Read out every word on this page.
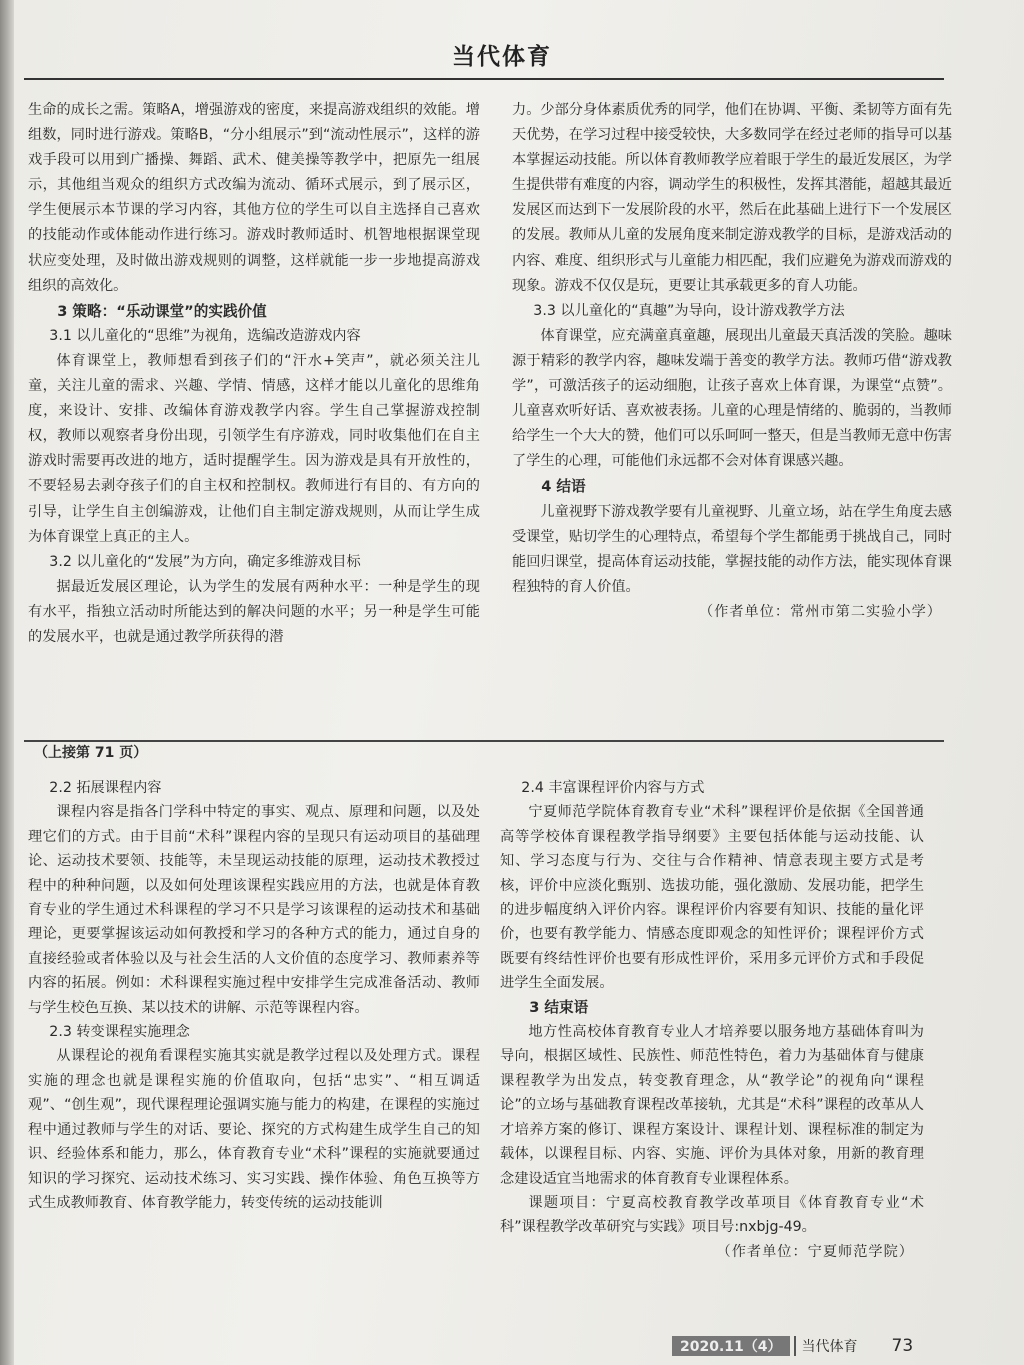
当代体育

生命的成长之需。策略A，增强游戏的密度，来提高游戏组织的效能。增组数，同时进行游戏。策略B，“分小组展示”到“流动性展示”，这样的游戏手段可以用到广播操、舞蹈、武术、健美操等教学中，把原先一组展示，其他组当观众的组织方式改编为流动、循环式展示，到了展示区，学生便展示本节课的学习内容，其他方位的学生可以自主选择自己喜欢的技能动作或体能动作进行练习。游戏时教师适时、机智地根据课堂现状应变处理，及时做出游戏规则的调整，这样就能一步一步地提高游戏组织的高效化。

3 策略：“乐动课堂”的实践价值
3.1 以儿童化的“思维”为视角，选编改造游戏内容

体育课堂上，教师想看到孩子们的“汗水+笑声”，就必须关注儿童，关注儿童的需求、兴趣、学情、情感，这样才能以儿童化的思维角度，来设计、安排、改编体育游戏教学内容。学生自己掌握游戏控制权，教师以观察者身份出现，引领学生有序游戏，同时收集他们在自主游戏时需要再改进的地方，适时提醒学生。因为游戏是具有开放性的，不要轻易去剥夺孩子们的自主权和控制权。教师进行有目的、有方向的引导，让学生自主创编游戏，让他们自主制定游戏规则，从而让学生成为体育课堂上真正的主人。

3.2 以儿童化的“发展”为方向，确定多维游戏目标

据最近发展区理论，认为学生的发展有两种水平：一种是学生的现有水平，指独立活动时所能达到的解决问题的水平；另一种是学生可能的发展水平，也就是通过教学所获得的潜

力。少部分身体素质优秀的同学，他们在协调、平衡、柔韧等方面有先天优势，在学习过程中接受较快，大多数同学在经过老师的指导可以基本掌握运动技能。所以体育教师教学应着眼于学生的最近发展区，为学生提供带有难度的内容，调动学生的积极性，发挥其潜能，超越其最近发展区而达到下一发展阶段的水平，然后在此基础上进行下一个发展区的发展。教师从儿童的发展角度来制定游戏教学的目标，是游戏活动的内容、难度、组织形式与儿童能力相匹配，我们应避免为游戏而游戏的现象。游戏不仅仅是玩，更要让其承载更多的育人功能。

3.3 以儿童化的“真趣”为导向，设计游戏教学方法

体育课堂，应充满童真童趣，展现出儿童最天真活泼的笑脸。趣味源于精彩的教学内容，趣味发端于善变的教学方法。教师巧借“游戏教学”，可激活孩子的运动细胞，让孩子喜欢上体育课，为课堂“点赞”。儿童喜欢听好话、喜欢被表扬。儿童的心理是情绪的、脆弱的，当教师给学生一个大大的赞，他们可以乐呵呵一整天，但是当教师无意中伤害了学生的心理，可能他们永远都不会对体育课感兴趣。

4 结语

儿童视野下游戏教学要有儿童视野、儿童立场，站在学生角度去感受课堂，贴切学生的心理特点，希望每个学生都能勇于挑战自己，同时能回归课堂，提高体育运动技能，掌握技能的动作方法，能实现体育课程独特的育人价值。

（作者单位：常州市第二实验小学）
（上接第 71 页）
2.2 拓展课程内容

课程内容是指各门学科中特定的事实、观点、原理和问题，以及处理它们的方式。由于目前“术科”课程内容的呈现只有运动项目的基础理论、运动技术要领、技能等，未呈现运动技能的原理，运动技术教授过程中的种种问题，以及如何处理该课程实践应用的方法，也就是体育教育专业的学生通过术科课程的学习不只是学习该课程的运动技术和基础理论，更要掌握该运动如何教授和学习的各种方式的能力，通过自身的直接经验或者体验以及与社会生活的人文价值的态度学习、教师素养等内容的拓展。例如：术科课程实施过程中安排学生完成准备活动、教师与学生校色互换、某以技术的讲解、示范等课程内容。

2.3 转变课程实施理念

从课程论的视角看课程实施其实就是教学过程以及处理方式。课程实施的理念也就是课程实施的价值取向，包括“忠实”、“相互调适观”、“创生观”，现代课程理论强调实施与能力的构建，在课程的实施过程中通过教师与学生的对话、要论、探究的方式构建生成学生自己的知识、经验体系和能力，那么，体育教育专业“术科”课程的实施就要通过知识的学习探究、运动技术练习、实习实践、操作体验、角色互换等方式生成教师教育、体育教学能力，转变传统的运动技能训

2.4 丰富课程评价内容与方式

宁夏师范学院体育教育专业“术科”课程评价是依据《全国普通高等学校体育课程教学指导纲要》主要包括体能与运动技能、认知、学习态度与行为、交往与合作精神、情意表现主要方式是考核，评价中应淡化甄别、选拔功能，强化激励、发展功能，把学生的进步幅度纳入评价内容。课程评价内容要有知识、技能的量化评价，也要有教学能力、情感态度即观念的知性评价；课程评价方式既要有终结性评价也要有形成性评价，采用多元评价方式和手段促进学生全面发展。

3 结束语

地方性高校体育教育专业人才培养要以服务地方基础体育叫为导向，根据区域性、民族性、师范性特色，着力为基础体育与健康课程教学为出发点，转变教育理念，从“教学论”的视角向“课程论”的立场与基础教育课程改革接轨，尤其是“术科”课程的改革从人才培养方案的修订、课程方案设计、课程计划、课程标准的制定为载体，以课程目标、内容、实施、评价为具体对象，用新的教育理念建设适宜当地需求的体育教育专业课程体系。

课题项目：宁夏高校教育教学改革项目《体育教育专业“术科”课程教学改革研究与实践》项目号:nxbjg-49。

（作者单位：宁夏师范学院）
2020.11（4） 当代体育 73
